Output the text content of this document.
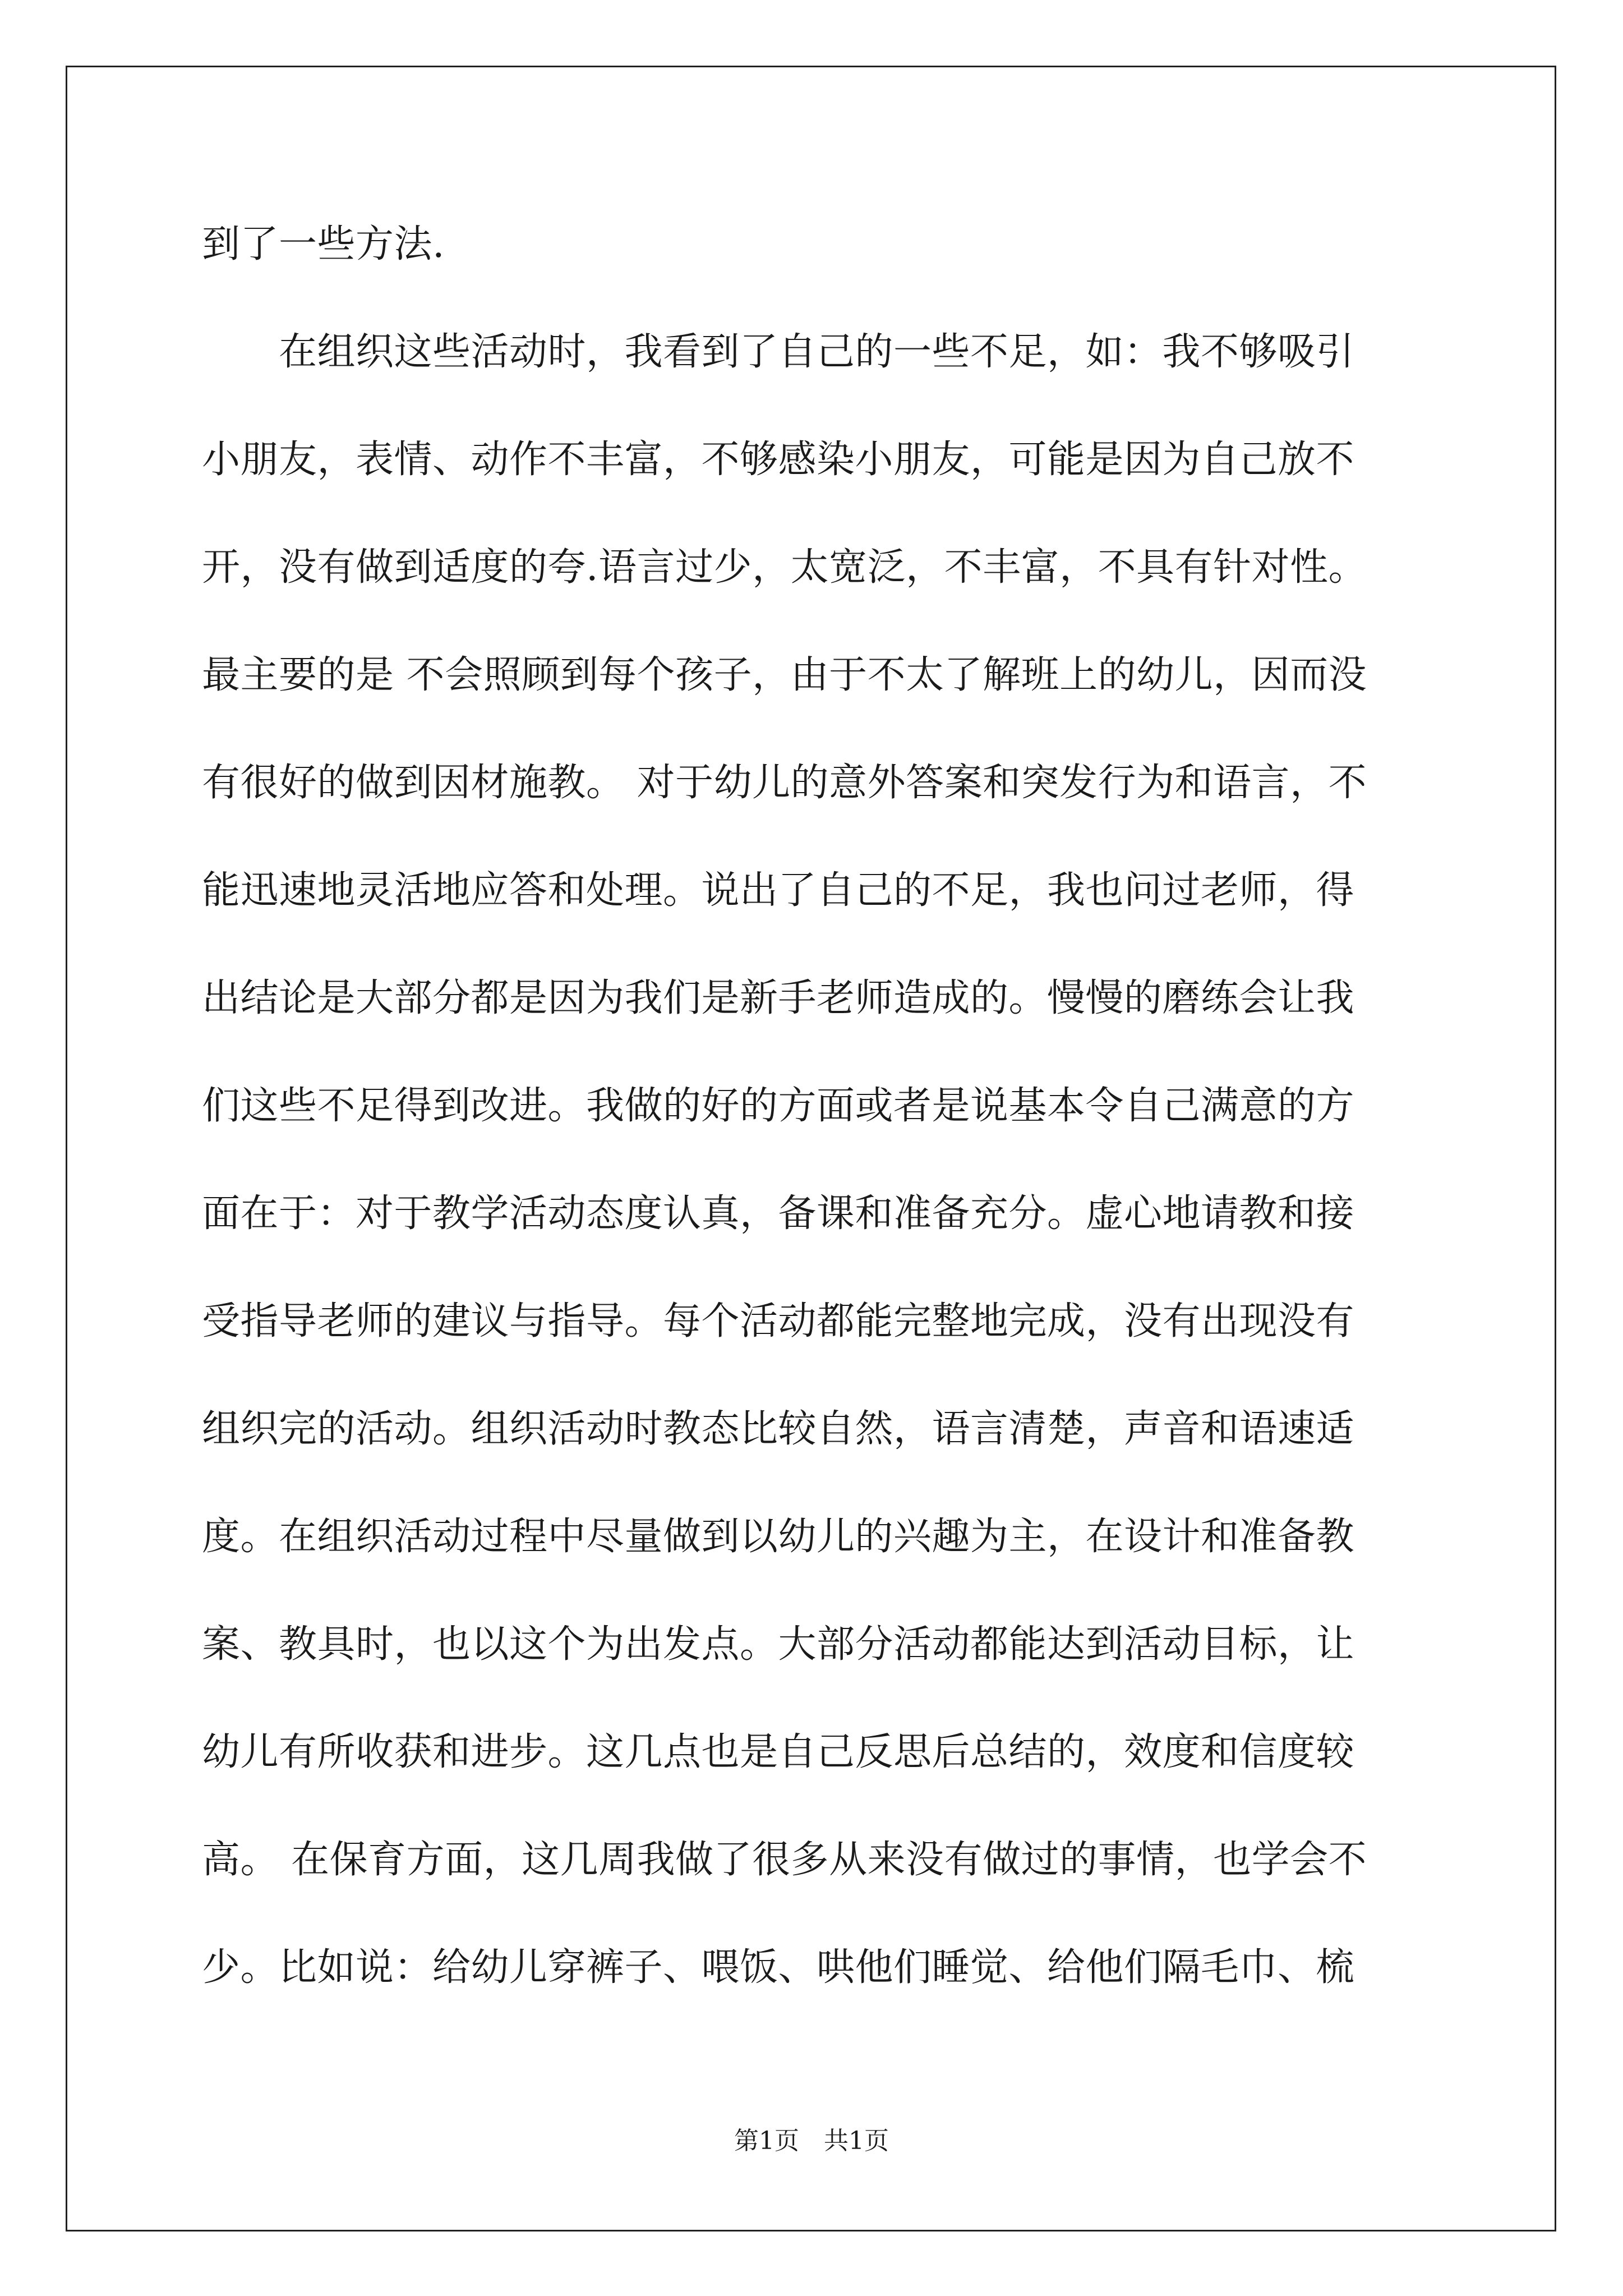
到了一些方法.
　　在组织这些活动时，我看到了自己的一些不足，如：我不够吸引
小朋友，表情、动作不丰富，不够感染小朋友，可能是因为自己放不
开，没有做到适度的夸.语言过少，太宽泛，不丰富，不具有针对性。
最主要的是 不会照顾到每个孩子，由于不太了解班上的幼儿，因而没
有很好的做到因材施教。 对于幼儿的意外答案和突发行为和语言，不
能迅速地灵活地应答和处理。说出了自己的不足，我也问过老师，得
出结论是大部分都是因为我们是新手老师造成的。慢慢的磨练会让我
们这些不足得到改进。我做的好的方面或者是说基本令自己满意的方
面在于：对于教学活动态度认真，备课和准备充分。虚心地请教和接
受指导老师的建议与指导。每个活动都能完整地完成，没有出现没有
组织完的活动。组织活动时教态比较自然，语言清楚，声音和语速适
度。在组织活动过程中尽量做到以幼儿的兴趣为主，在设计和准备教
案、教具时，也以这个为出发点。大部分活动都能达到活动目标，让
幼儿有所收获和进步。这几点也是自己反思后总结的，效度和信度较
高。 在保育方面，这几周我做了很多从来没有做过的事情，也学会不
少。比如说：给幼儿穿裤子、喂饭、哄他们睡觉、给他们隔毛巾、梳
第1页　共1页
